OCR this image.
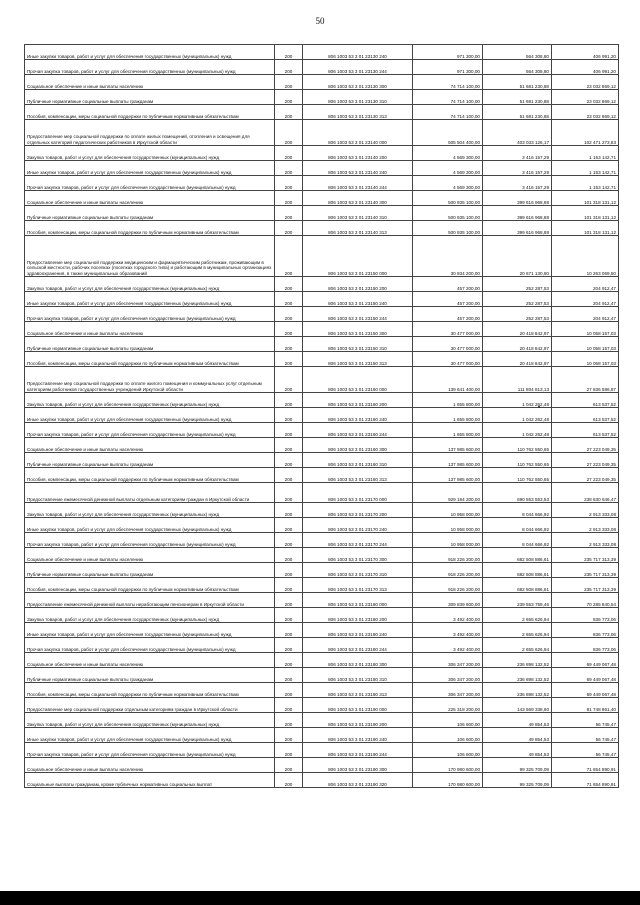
50
Иные закупки товаров, работ и услуг для обеспечения государственных (муниципальных) нужд	200	806 1003 53 3 01 23130 240	971 300,00	564 308,80	406 991,20

Прочая закупка товаров, работ и услуг для обеспечения государственных (муниципальных) нужд	200	806 1003 53 3 01 23130 244	971 300,00	564 308,80	406 991,20

Социальное обеспечение и иные выплаты населению	200	806 1003 53 3 01 23130 300	74 714 100,00	51 681 230,88	23 032 869,12

Публичные нормативные социальные выплаты гражданам	200	806 1003 53 3 01 23130 310	74 714 100,00	51 681 230,88	23 032 869,12

Пособия, компенсации, меры социальной поддержки по публичным нормативным обязательствам	200	806 1003 53 3 01 23130 313	74 714 100,00	51 681 230,88	23 032 869,12

Предоставление мер социальной поддержки по оплате жилых помещений, отопления и освещения для отдельных категорий педагогических работников в Иркутской области	200	806 1003 53 3 01 23140 000	505 504 400,00	403 033 126,17	102 471 273,83

Закупка товаров, работ и услуг для обеспечения государственных (муниципальных) нужд	200	806 1003 53 3 01 23140 200	4 569 300,00	3 416 157,29	1 153 142,71

Иные закупки товаров, работ и услуг для обеспечения государственных (муниципальных) нужд	200	806 1003 53 3 01 23140 240	4 569 300,00	3 416 157,29	1 153 142,71

Прочая закупка товаров, работ и услуг для обеспечения государственных (муниципальных) нужд	200	806 1003 53 3 01 23140 244	4 569 300,00	3 416 157,29	1 153 142,71

Социальное обеспечение и иные выплаты населению	200	806 1003 53 3 01 23140 300	500 935 100,00	399 616 968,88	101 318 131,12

Публичные нормативные социальные выплаты гражданам	200	806 1003 53 3 01 23140 310	500 935 100,00	399 616 968,88	101 318 131,12

Пособия, компенсации, меры социальной поддержки по публичным нормативным обязательствам	200	806 1003 53 3 01 23140 313	500 935 100,00	399 616 968,88	101 318 131,12

Предоставление мер социальной поддержки медицинским и фармацевтическим работникам, проживающим в сельской местности, рабочих поселках (поселках городского типа) и работающим в муниципальных организациях здравоохранения, в также муниципальных образований	200	806 1003 53 3 01 23150 000	30 934 200,00	20 671 130,50	10 263 069,50

Закупка товаров, работ и услуг для обеспечения государственных (муниципальных) нужд	200	806 1003 53 3 01 23150 200	457 200,00	252 287,53	204 912,47

Иные закупки товаров, работ и услуг для обеспечения государственных (муниципальных) нужд	200	806 1003 53 3 01 23150 240	457 200,00	252 287,53	204 912,47

Прочая закупка товаров, работ и услуг для обеспечения государственных (муниципальных) нужд	200	806 1003 53 3 01 23150 244	457 200,00	252 287,53	204 912,47

Социальное обеспечение и иные выплаты населению	200	806 1003 53 3 01 23150 300	30 477 000,00	20 418 842,97	10 058 157,03

Публичные нормативные социальные выплаты гражданам	200	806 1003 53 3 01 23150 310	30 477 000,00	20 418 842,97	10 058 157,03

Пособия, компенсации, меры социальной поддержки по публичным нормативным обязательствам	200	806 1003 53 3 01 23150 313	30 477 000,00	20 418 842,97	10 058 157,03

Предоставление мер социальной поддержки по оплате жилого помещения и коммунальных услуг отдельным категориям работников государственных учреждений Иркутской области	200	806 1003 53 3 01 23160 000	139 641 400,00	111 804 813,13	27 836 586,87

Закупка товаров, работ и услуг для обеспечения государственных (муниципальных) нужд	200	806 1003 53 3 01 23160 200	1 655 800,00	1 042 262,48	613 537,52

Иные закупки товаров, работ и услуг для обеспечения государственных (муниципальных) нужд	200	806 1003 53 3 01 23160 240	1 655 800,00	1 042 262,48	613 537,52

Прочая закупка товаров, работ и услуг для обеспечения государственных (муниципальных) нужд	200	806 1003 53 3 01 23160 244	1 655 800,00	1 042 262,48	613 537,52

Социальное обеспечение и иные выплаты населению	200	806 1003 53 3 01 23160 300	137 985 600,00	110 762 550,65	27 223 049,35

Публичные нормативные социальные выплаты гражданам	200	806 1003 53 3 01 23160 310	137 985 600,00	110 762 550,65	27 223 049,35

Пособия, компенсации, меры социальной поддержки по публичным нормативным обязательствам	200	806 1003 53 3 01 23160 313	137 985 600,00	110 762 550,65	27 223 049,35

Предоставление ежемесячной денежной выплаты отдельным категориям граждан в Иркутской области	200	806 1003 53 3 01 23170 000	929 184 200,00	690 553 553,53	238 630 646,47

Закупка товаров, работ и услуг для обеспечения государственных (муниципальных) нужд	200	806 1003 53 3 01 23170 200	10 958 000,00	8 044 666,92	2 913 333,08

Иные закупки товаров, работ и услуг для обеспечения государственных (муниципальных) нужд	200	806 1003 53 3 01 23170 240	10 958 000,00	8 044 666,92	2 913 333,08

Прочая закупка товаров, работ и услуг для обеспечения государственных (муниципальных) нужд	200	806 1003 53 3 01 23170 244	10 958 000,00	8 044 666,92	2 913 333,08

Социальное обеспечение и иные выплаты населению	200	806 1003 53 3 01 23170 300	918 226 200,00	682 508 886,61	235 717 313,39

Публичные нормативные социальные выплаты гражданам	200	806 1003 53 3 01 23170 310	918 226 200,00	682 508 886,61	235 717 313,39

Пособия, компенсации, меры социальной поддержки по публичным нормативным обязательствам	200	806 1003 53 3 01 23170 313	918 226 200,00	682 508 886,61	235 717 313,39

Предоставление ежемесячной денежной выплаты неработающим пенсионерам в Иркутской области	200	806 1003 53 3 01 23180 000	309 839 600,00	239 553 759,46	70 285 840,54

Закупка товаров, работ и услуг для обеспечения государственных (муниципальных) нужд	200	806 1003 53 3 01 23180 200	3 492 400,00	2 655 626,94	836 773,06

Иные закупки товаров, работ и услуг для обеспечения государственных (муниципальных) нужд	200	806 1003 53 3 01 23180 240	3 492 400,00	2 655 626,94	836 773,06

Прочая закупка товаров, работ и услуг для обеспечения государственных (муниципальных) нужд	200	806 1003 53 3 01 23180 244	3 492 400,00	2 655 626,94	836 773,06

Социальное обеспечение и иные выплаты населению	200	806 1003 53 3 01 23180 300	306 347 200,00	236 898 132,52	69 449 067,48

Публичные нормативные социальные выплаты гражданам	200	806 1003 53 3 01 23180 310	306 347 200,00	236 898 132,52	69 449 067,48

Пособия, компенсации, меры социальной поддержки по публичным нормативным обязательствам	200	806 1003 53 3 01 23180 313	306 347 200,00	236 898 132,52	69 449 067,48

Предоставление мер социальной поддержки отдельным категориям граждан в Иркутской области	200	806 1003 53 3 01 23190 000	225 318 200,00	143 569 338,60	81 748 861,40

Закупка товаров, работ и услуг для обеспечения государственных (муниципальных) нужд	200	806 1003 53 3 01 23190 200	106 600,00	49 854,53	56 745,47

Иные закупки товаров, работ и услуг для обеспечения государственных (муниципальных) нужд	200	806 1003 53 3 01 23190 240	106 600,00	49 854,53	56 745,47

Прочая закупка товаров, работ и услуг для обеспечения государственных (муниципальных) нужд	200	806 1003 53 3 01 23190 244	106 600,00	49 854,53	56 745,47

Социальное обеспечение и иные выплаты населению	200	806 1003 53 3 01 23190 300	170 980 600,00	99 325 709,09	71 654 890,91

Социальные выплаты гражданам, кроме публичных нормативных социальных выплат	200	806 1003 53 3 01 23190 320	170 980 600,00	99 325 709,09	71 654 890,91
•
